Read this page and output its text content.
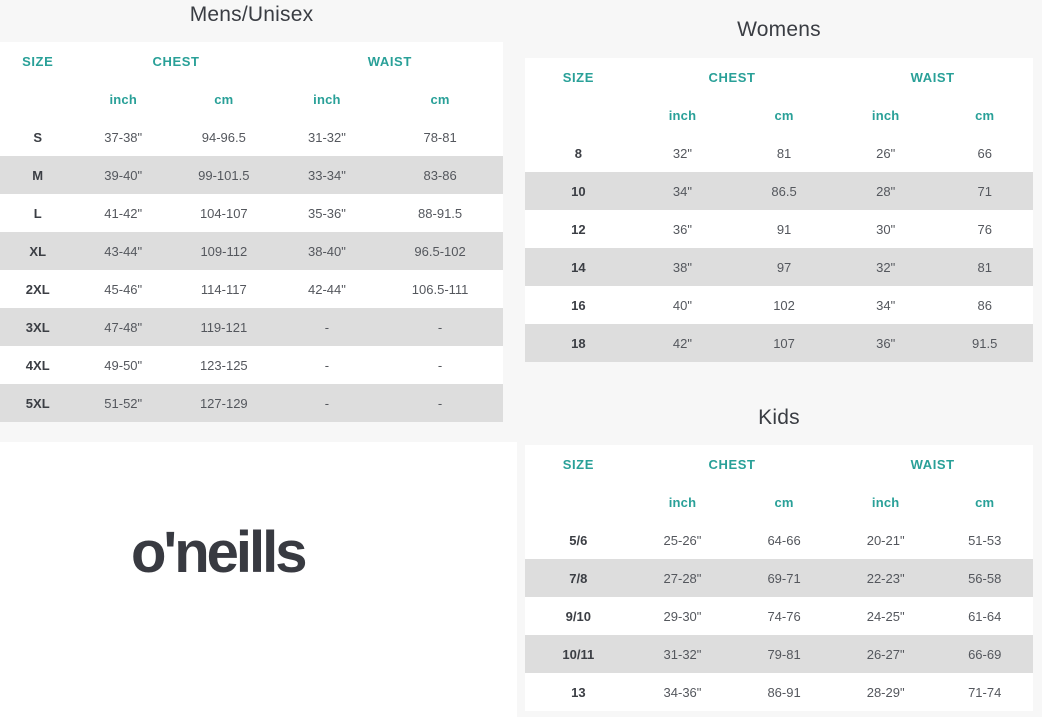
Mens/Unisex
Womens
Kids
SIZE	CHEST	WAIST
inch	cm	inch	cm
S	37-38"	94-96.5	31-32"	78-81
M	39-40"	99-101.5	33-34"	83-86
L	41-42"	104-107	35-36"	88-91.5
XL	43-44"	109-112	38-40"	96.5-102
2XL	45-46"	114-117	42-44"	106.5-111
3XL	47-48"	119-121	-	-
4XL	49-50"	123-125	-	-
5XL	51-52"	127-129	-	-
SIZE	CHEST	WAIST
inch	cm	inch	cm
8	32"	81	26"	66
10	34"	86.5	28"	71
12	36"	91	30"	76
14	38"	97	32"	81
16	40"	102	34"	86
18	42"	107	36"	91.5
SIZE	CHEST	WAIST
inch	cm	inch	cm
5/6	25-26"	64-66	20-21"	51-53
7/8	27-28"	69-71	22-23"	56-58
9/10	29-30"	74-76	24-25"	61-64
10/11	31-32"	79-81	26-27"	66-69
13	34-36"	86-91	28-29"	71-74
o'neills
